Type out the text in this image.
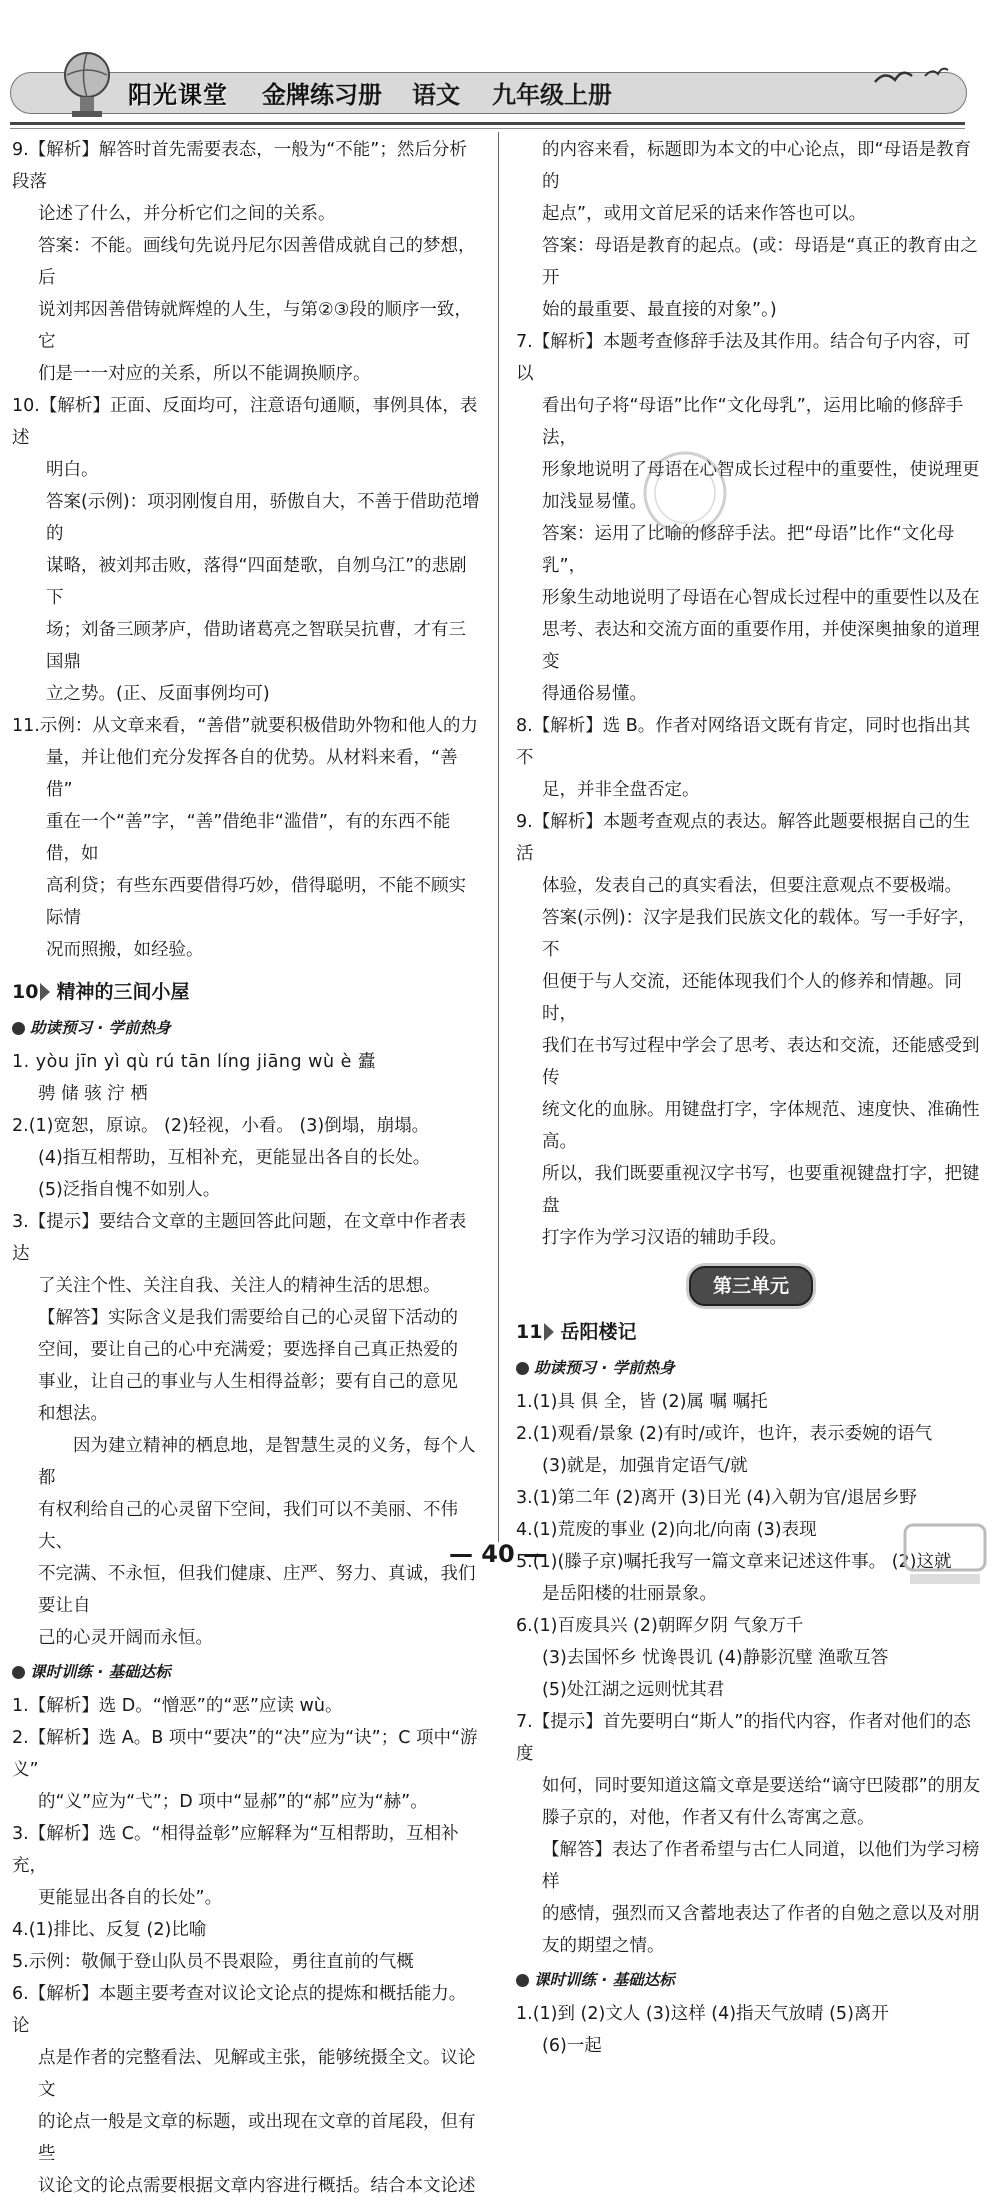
阳光课堂 金牌练习册 语文 九年级上册

9.【解析】解答时首先需要表态，一般为“不能”；然后分析段落

论述了什么，并分析它们之间的关系。

答案：不能。画线句先说丹尼尔因善借成就自己的梦想，后

说刘邦因善借铸就辉煌的人生，与第②③段的顺序一致，它

们是一一对应的关系，所以不能调换顺序。

10.【解析】正面、反面均可，注意语句通顺，事例具体，表述

明白。

答案(示例)：项羽刚愎自用，骄傲自大，不善于借助范增的

谋略，被刘邦击败，落得“四面楚歌，自刎乌江”的悲剧下

场；刘备三顾茅庐，借助诸葛亮之智联吴抗曹，才有三国鼎

立之势。(正、反面事例均可)

11.示例：从文章来看，“善借”就要积极借助外物和他人的力

量，并让他们充分发挥各自的优势。从材料来看，“善借”

重在一个“善”字，“善”借绝非“滥借”，有的东西不能借，如

高利贷；有些东西要借得巧妙，借得聪明，不能不顾实际情

况而照搬，如经验。

10 精神的三间小屋
助读预习 · 学前热身

1. yòu jīn yì qù rú tān líng jiāng wù è 蠹

骋 储 骇 泞 栖

2.(1)宽恕，原谅。 (2)轻视，小看。 (3)倒塌，崩塌。

(4)指互相帮助，互相补充，更能显出各自的长处。

(5)泛指自愧不如别人。

3.【提示】要结合文章的主题回答此问题，在文章中作者表达

了关注个性、关注自我、关注人的精神生活的思想。

【解答】实际含义是我们需要给自己的心灵留下活动的

空间，要让自己的心中充满爱；要选择自己真正热爱的

事业，让自己的事业与人生相得益彰；要有自己的意见

和想法。

　　因为建立精神的栖息地，是智慧生灵的义务，每个人都

有权利给自己的心灵留下空间，我们可以不美丽、不伟大、

不完满、不永恒，但我们健康、庄严、努力、真诚，我们要让自

己的心灵开阔而永恒。

课时训练 · 基础达标

1.【解析】选 D。“憎恶”的“恶”应读 wù。

2.【解析】选 A。B 项中“要决”的“决”应为“诀”；C 项中“游义”

的“义”应为“弋”；D 项中“显郝”的“郝”应为“赫”。

3.【解析】选 C。“相得益彰”应解释为“互相帮助，互相补充，

更能显出各自的长处”。

4.(1)排比、反复 (2)比喻

5.示例：敬佩于登山队员不畏艰险，勇往直前的气概

6.【解析】本题主要考查对议论文论点的提炼和概括能力。论

点是作者的完整看法、见解或主张，能够统摄全文。议论文

的论点一般是文章的标题，或出现在文章的首尾段，但有些

议论文的论点需要根据文章内容进行概括。结合本文论述

的内容来看，标题即为本文的中心论点，即“母语是教育的

起点”，或用文首尼采的话来作答也可以。

答案：母语是教育的起点。(或：母语是“真正的教育由之开

始的最重要、最直接的对象”。)

7.【解析】本题考查修辞手法及其作用。结合句子内容，可以

看出句子将“母语”比作“文化母乳”，运用比喻的修辞手法，

形象地说明了母语在心智成长过程中的重要性，使说理更

加浅显易懂。

答案：运用了比喻的修辞手法。把“母语”比作“文化母乳”，

形象生动地说明了母语在心智成长过程中的重要性以及在

思考、表达和交流方面的重要作用，并使深奥抽象的道理变

得通俗易懂。

8.【解析】选 B。作者对网络语文既有肯定，同时也指出其不

足，并非全盘否定。

9.【解析】本题考查观点的表达。解答此题要根据自己的生活

体验，发表自己的真实看法，但要注意观点不要极端。

答案(示例)：汉字是我们民族文化的载体。写一手好字，不

但便于与人交流，还能体现我们个人的修养和情趣。同时，

我们在书写过程中学会了思考、表达和交流，还能感受到传

统文化的血脉。用键盘打字，字体规范、速度快、准确性高。

所以，我们既要重视汉字书写，也要重视键盘打字，把键盘

打字作为学习汉语的辅助手段。

第三单元
11 岳阳楼记
助读预习 · 学前热身

1.(1)具 俱 全，皆 (2)属 嘱 嘱托

2.(1)观看/景象 (2)有时/或许，也许，表示委婉的语气

(3)就是，加强肯定语气/就

3.(1)第二年 (2)离开 (3)日光 (4)入朝为官/退居乡野

4.(1)荒废的事业 (2)向北/向南 (3)表现

5.(1)(滕子京)嘱托我写一篇文章来记述这件事。 (2)这就

是岳阳楼的壮丽景象。

6.(1)百废具兴 (2)朝晖夕阴 气象万千

(3)去国怀乡 忧谗畏讥 (4)静影沉璧 渔歌互答

(5)处江湖之远则忧其君

7.【提示】首先要明白“斯人”的指代内容，作者对他们的态度

如何，同时要知道这篇文章是要送给“谪守巴陵郡”的朋友

滕子京的，对他，作者又有什么寄寓之意。

【解答】表达了作者希望与古仁人同道，以他们为学习榜样

的感情，强烈而又含蓄地表达了作者的自勉之意以及对朋

友的期望之情。

课时训练 · 基础达标

1.(1)到 (2)文人 (3)这样 (4)指天气放晴 (5)离开

(6)一起

— 40 —
